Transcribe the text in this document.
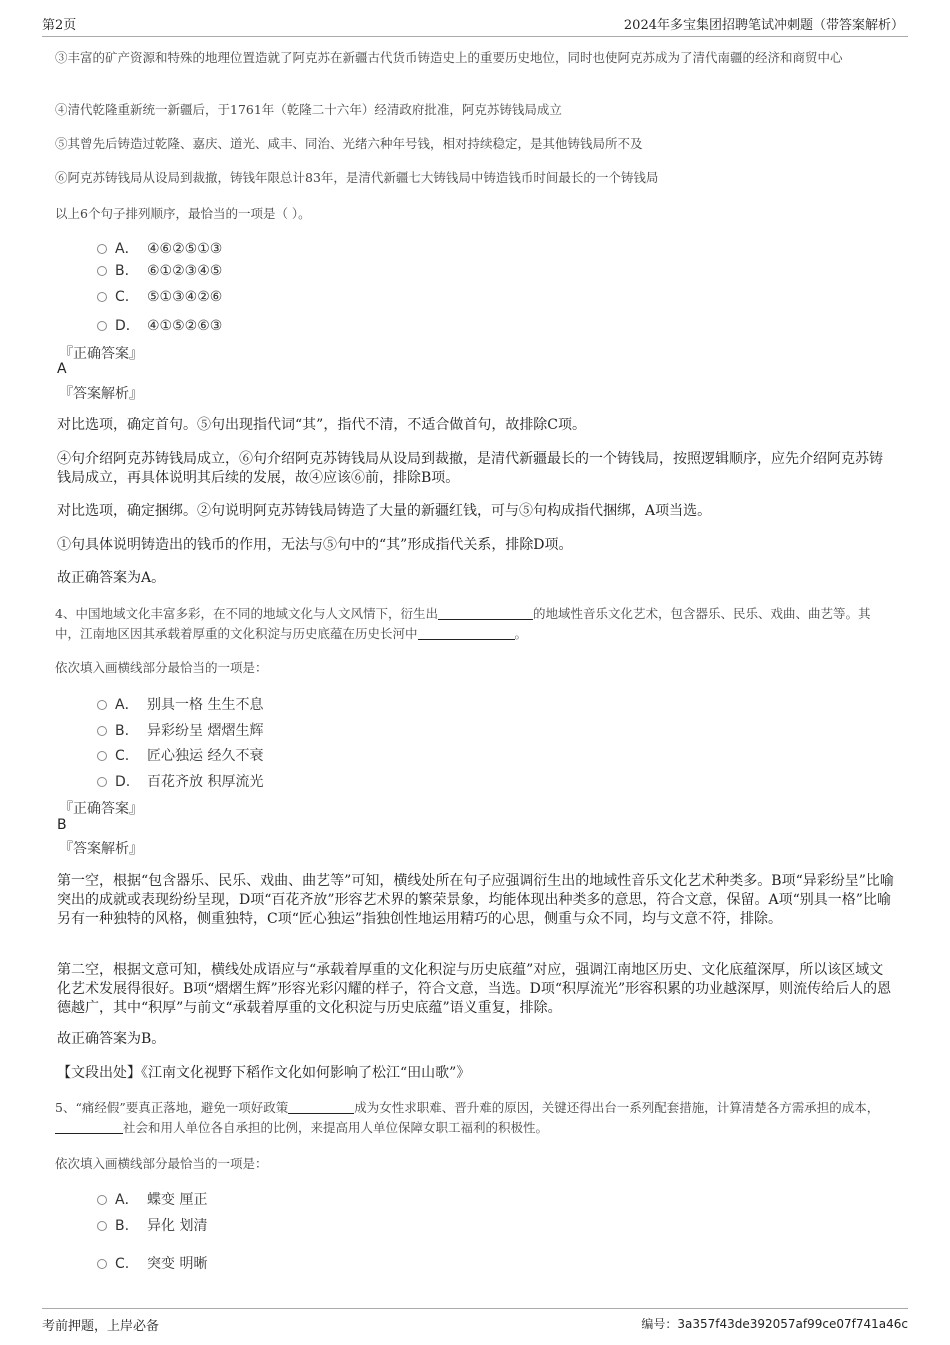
第2页	2024年多宝集团招聘笔试冲刺题（带答案解析）
③丰富的矿产资源和特殊的地理位置造就了阿克苏在新疆古代货币铸造史上的重要历史地位，同时也使阿克苏成为了清代南疆的经济和商贸中心
④清代乾隆重新统一新疆后，于1761年（乾隆二十六年）经清政府批准，阿克苏铸钱局成立
⑤其曾先后铸造过乾隆、嘉庆、道光、咸丰、同治、光绪六种年号钱，相对持续稳定，是其他铸钱局所不及
⑥阿克苏铸钱局从设局到裁撤，铸钱年限总计83年，是清代新疆七大铸钱局中铸造钱币时间最长的一个铸钱局
以上6个句子排列顺序，最恰当的一项是（ ）。
A． ④⑥②⑤①③
B. ⑥①②③④⑤
C. ⑤①③④②⑥
D． ④①⑤②⑥③
『正确答案』
A
『答案解析』
对比选项，确定首句。⑤句出现指代词“其”，指代不清，不适合做首句，故排除C项。
④句介绍阿克苏铸钱局成立，⑥句介绍阿克苏铸钱局从设局到裁撤，是清代新疆最长的一个铸钱局，按照逻辑顺序，应先介绍阿克苏铸钱局成立，再具体说明其后续的发展，故④应该⑥前，排除B项。
对比选项，确定捆绑。②句说明阿克苏铸钱局铸造了大量的新疆红钱，可与⑤句构成指代捆绑，A项当选。
①句具体说明铸造出的钱币的作用，无法与⑤句中的“其”形成指代关系，排除D项。
故正确答案为A。
4、中国地域文化丰富多彩，在不同的地域文化与人文风情下，衍生出	的地域性音乐文化艺术，包含器乐、民乐、戏曲、曲艺等。其中，江南地区因其承载着厚重的文化积淀与历史底蕴在历史长河中	。
依次填入画横线部分最恰当的一项是：
A． 别具一格 生生不息
B. 异彩纷呈 熠熠生辉
C. 匠心独运 经久不衰
D. 百花齐放 积厚流光
『正确答案』
B
『答案解析』
第一空，根据“包含器乐、民乐、戏曲、曲艺等”可知，横线处所在句子应强调衍生出的地域性音乐文化艺术种类多。B项“异彩纷呈”比喻突出的成就或表现纷纷呈现，D项“百花齐放”形容艺术界的繁荣景象，均能体现出种类多的意思，符合文意，保留。A项“别具一格”比喻另有一种独特的风格，侧重独特，C项“匠心独运”指独创性地运用精巧的心思，侧重与众不同，均与文意不符，排除。
第二空，根据文意可知，横线处成语应与“承载着厚重的文化积淀与历史底蕴”对应，强调江南地区历史、文化底蕴深厚，所以该区域文化艺术发展得很好。B项“熠熠生辉”形容光彩闪耀的样子，符合文意，当选。D项“积厚流光”形容积累的功业越深厚，则流传给后人的恩德越广，其中“积厚”与前文“承载着厚重的文化积淀与历史底蕴”语义重复，排除。
故正确答案为B。
【文段出处】《江南文化视野下稻作文化如何影响了松江“田山歌”》
5、“痛经假”要真正落地，避免一项好政策	成为女性求职难、晋升难的原因，关键还得出台一系列配套措施，计算清楚各方需承担的成本，社会和用人单位各自承担的比例，来提高用人单位保障女职工福利的积极性。
依次填入画横线部分最恰当的一项是：
A． 蝶变 厘正
B. 异化 划清
C. 突变 明晰
考前押题，上岸必备	编号：3a357f43de392057af99ce07f741a46c
